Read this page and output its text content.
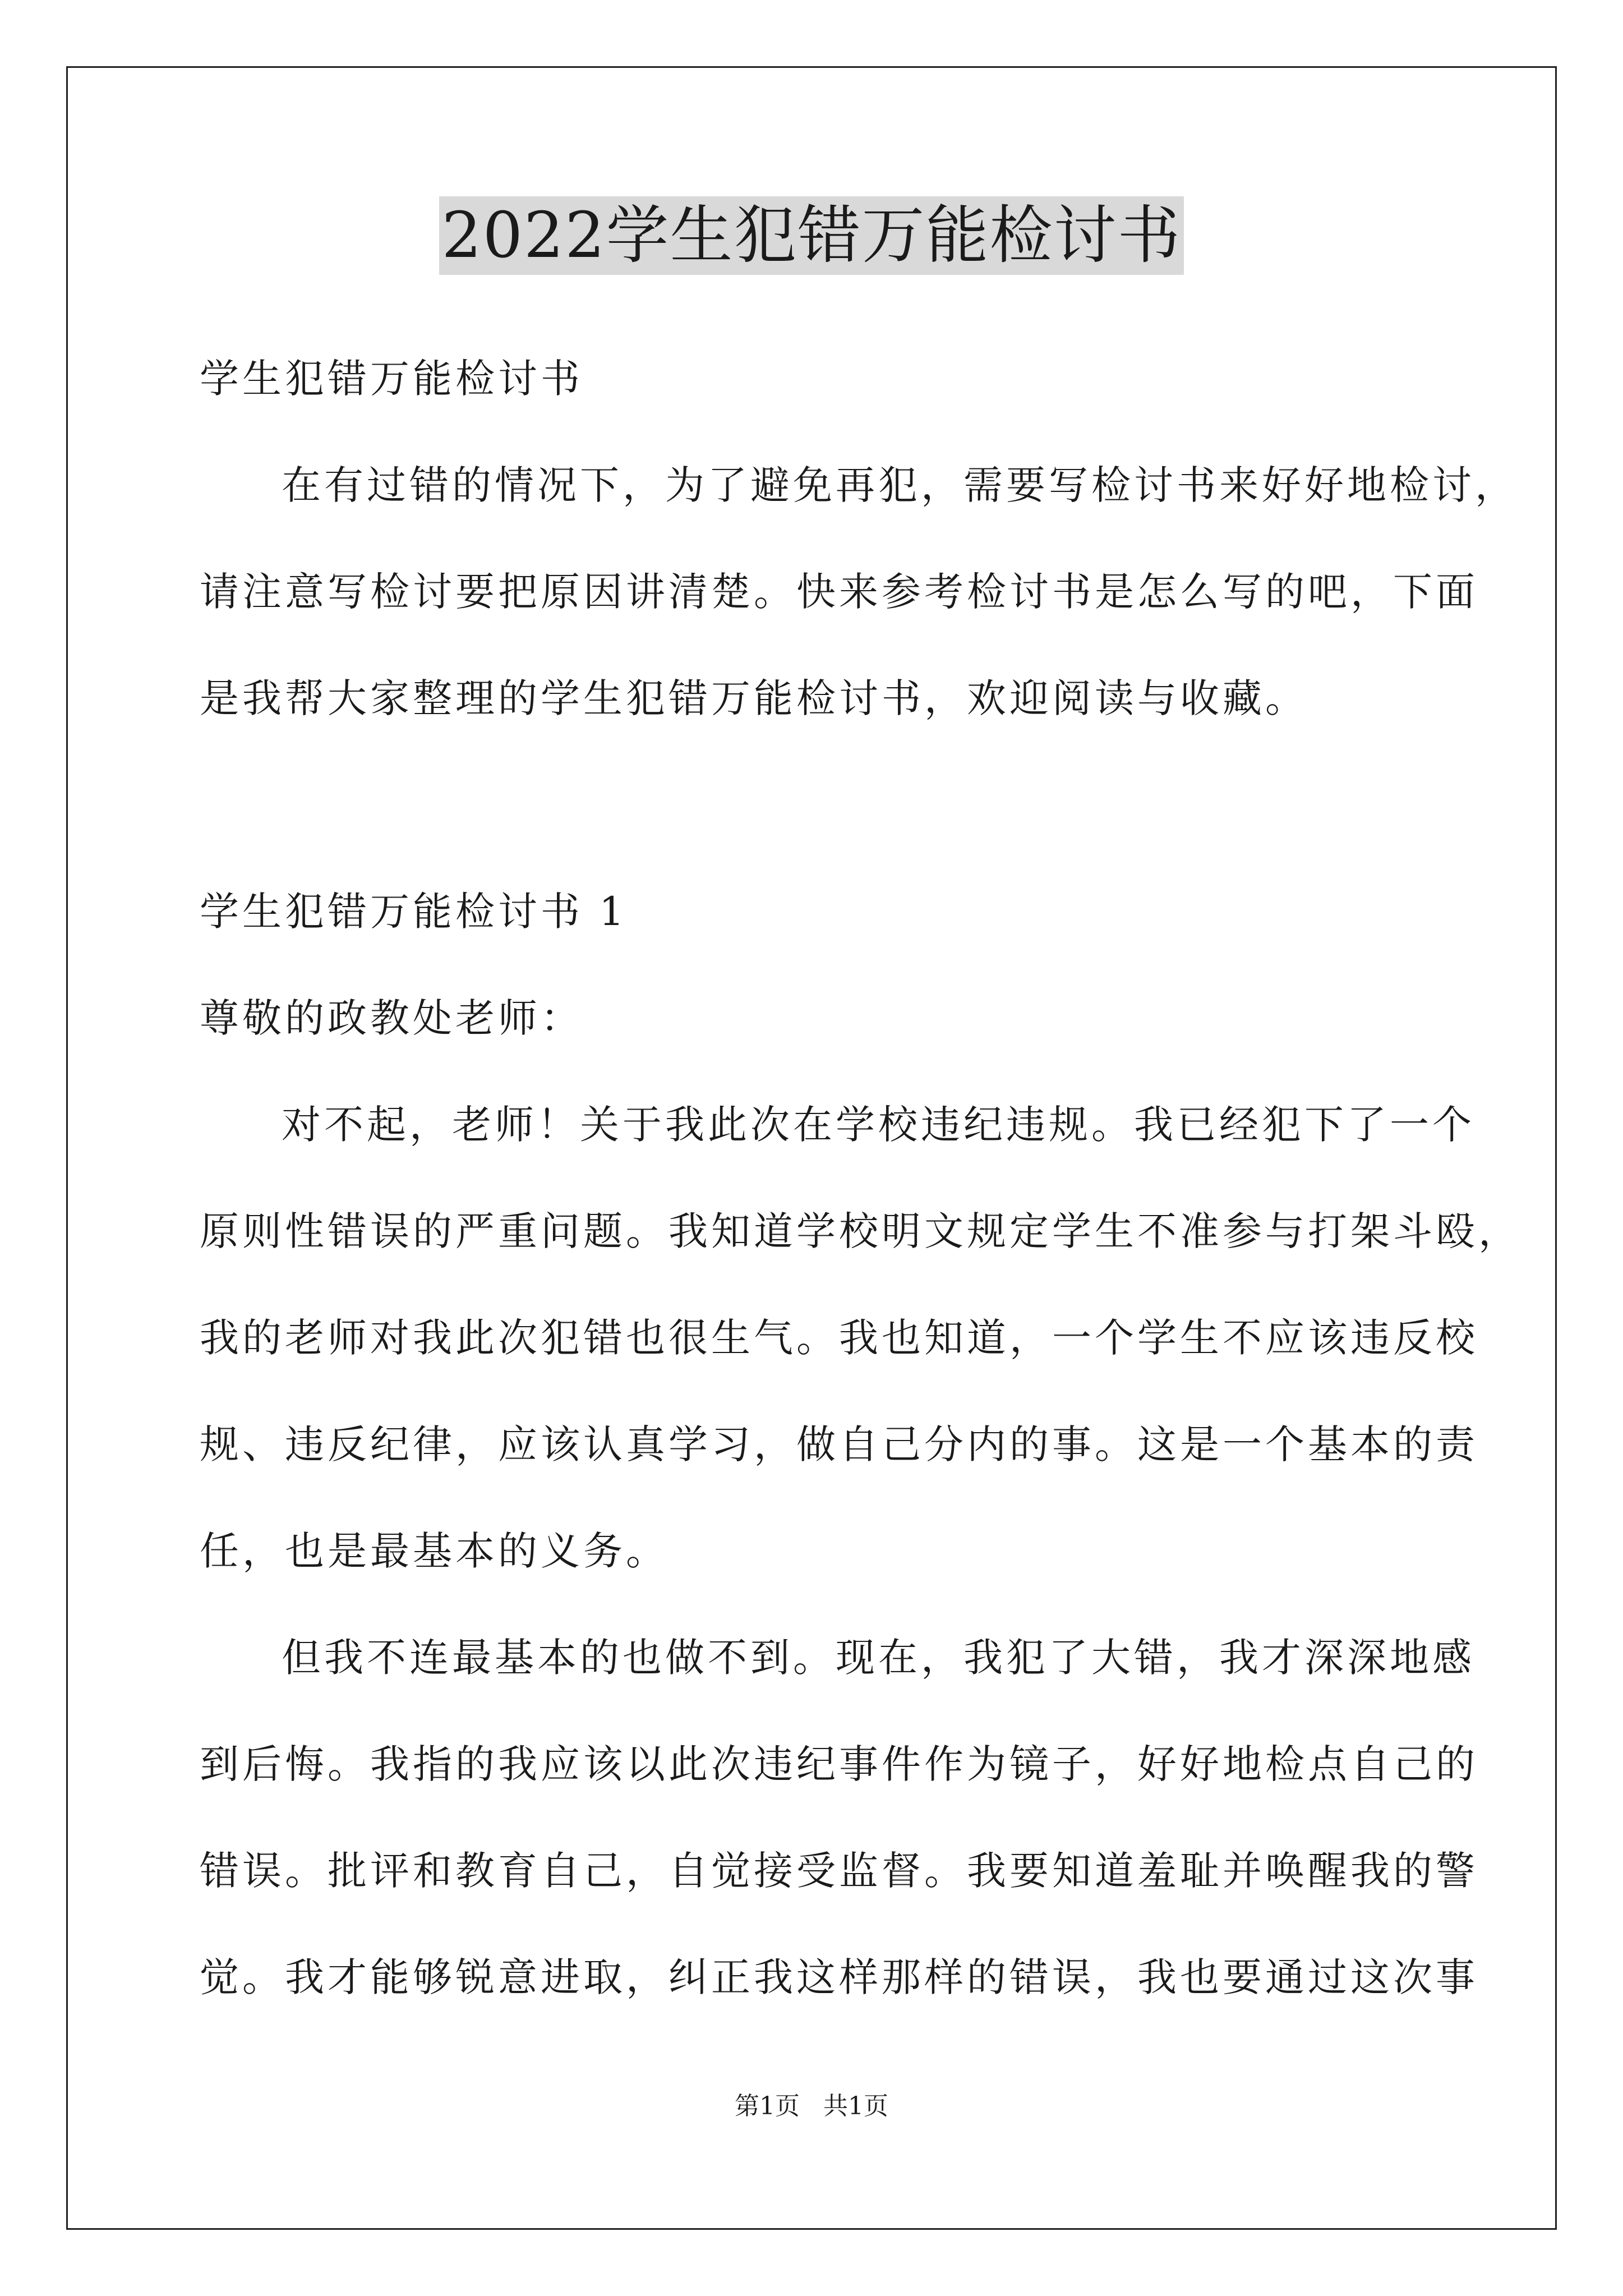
2022学生犯错万能检讨书
学生犯错万能检讨书
在有过错的情况下，为了避免再犯，需要写检讨书来好好地检讨，
请注意写检讨要把原因讲清楚。快来参考检讨书是怎么写的吧，下面
是我帮大家整理的学生犯错万能检讨书，欢迎阅读与收藏。
学生犯错万能检讨书 1
尊敬的政教处老师：
对不起，老师！关于我此次在学校违纪违规。我已经犯下了一个
原则性错误的严重问题。我知道学校明文规定学生不准参与打架斗殴，
我的老师对我此次犯错也很生气。我也知道，一个学生不应该违反校
规、违反纪律，应该认真学习，做自己分内的事。这是一个基本的责
任，也是最基本的义务。
但我不连最基本的也做不到。现在，我犯了大错，我才深深地感
到后悔。我指的我应该以此次违纪事件作为镜子，好好地检点自己的
错误。批评和教育自己，自觉接受监督。我要知道羞耻并唤醒我的警
觉。我才能够锐意进取，纠正我这样那样的错误，我也要通过这次事
第1页 共1页
